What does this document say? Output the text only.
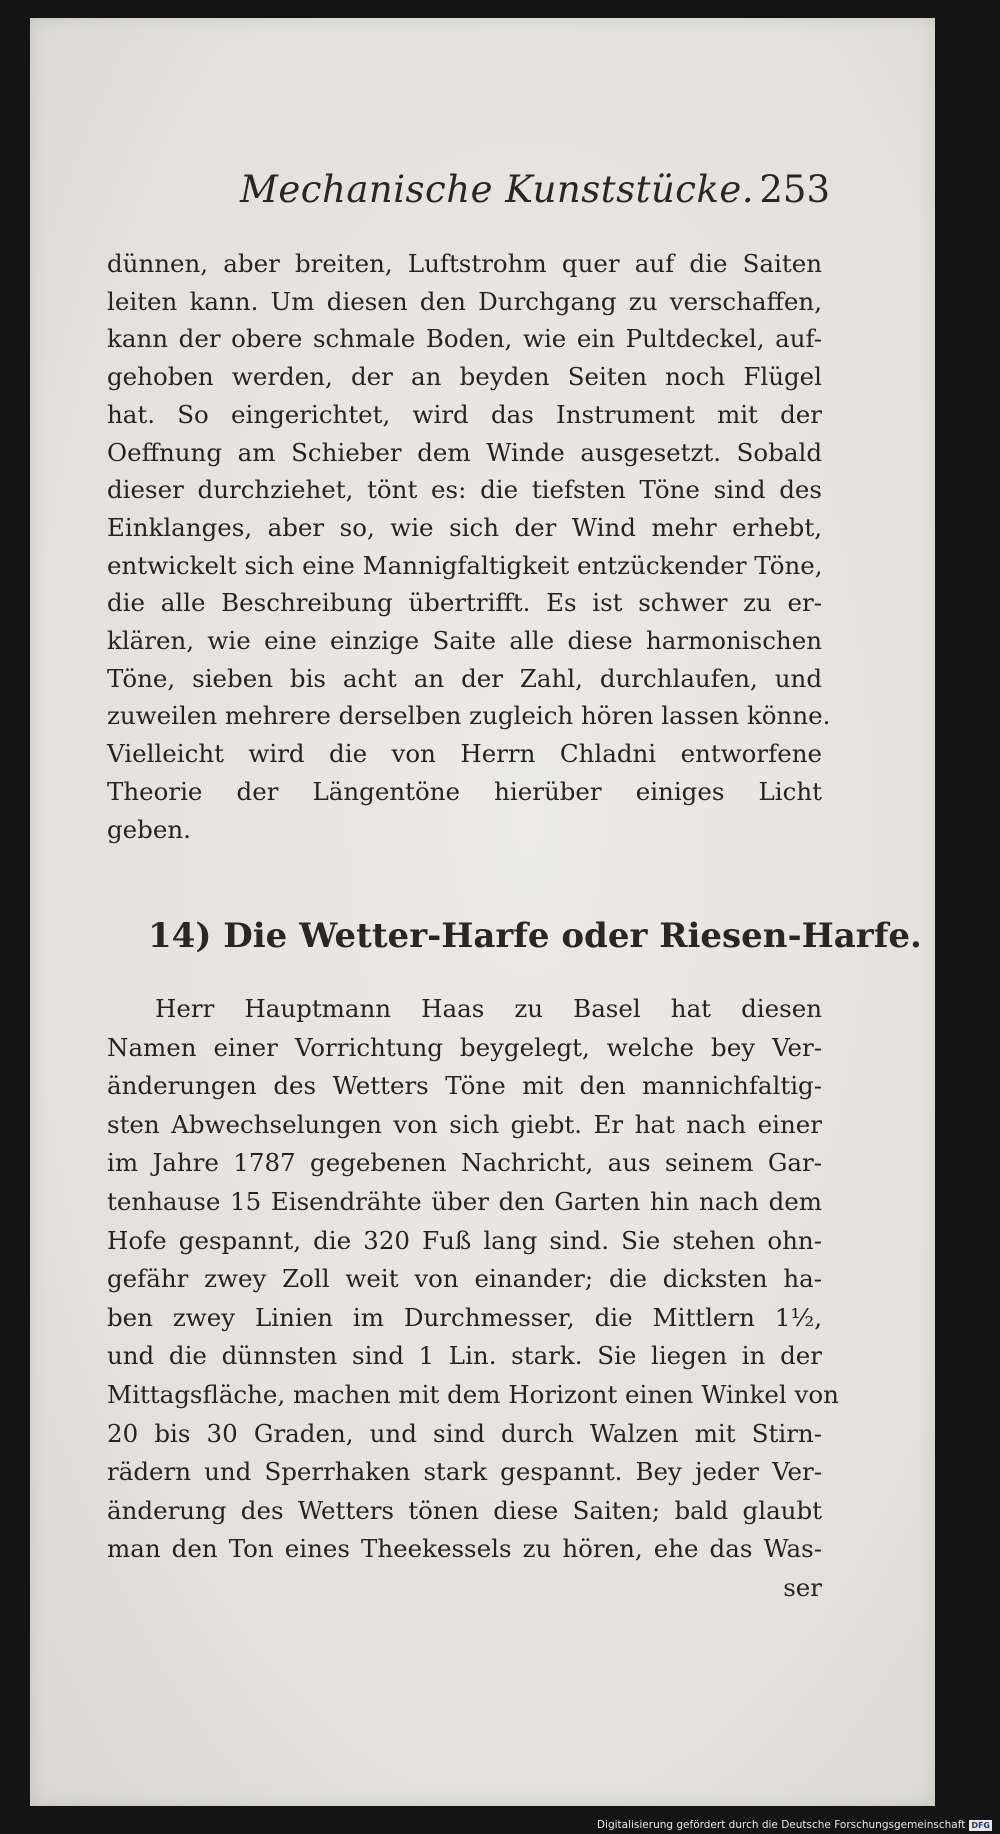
Mechanische Kunststücke. 253
dünnen, aber breiten, Luftstrohm quer auf die Saiten
leiten kann. Um diesen den Durchgang zu verschaffen,
kann der obere schmale Boden, wie ein Pultdeckel, auf-
gehoben werden, der an beyden Seiten noch Flügel
hat. So eingerichtet, wird das Instrument mit der
Oeffnung am Schieber dem Winde ausgesetzt. Sobald
dieser durchziehet, tönt es: die tiefsten Töne sind des
Einklanges, aber so, wie sich der Wind mehr erhebt,
entwickelt sich eine Mannigfaltigkeit entzückender Töne,
die alle Beschreibung übertrifft. Es ist schwer zu er-
klären, wie eine einzige Saite alle diese harmonischen
Töne, sieben bis acht an der Zahl, durchlaufen, und
zuweilen mehrere derselben zugleich hören lassen könne.
Vielleicht wird die von Herrn Chladni entworfene
Theorie der Längentöne hierüber einiges Licht
geben.
14) Die Wetter-Harfe oder Riesen-Harfe.
Herr Hauptmann Haas zu Basel hat diesen
Namen einer Vorrichtung beygelegt, welche bey Ver-
änderungen des Wetters Töne mit den mannichfaltig-
sten Abwechselungen von sich giebt. Er hat nach einer
im Jahre 1787 gegebenen Nachricht, aus seinem Gar-
tenhause 15 Eisendrähte über den Garten hin nach dem
Hofe gespannt, die 320 Fuß lang sind. Sie stehen ohn-
gefähr zwey Zoll weit von einander; die dicksten ha-
ben zwey Linien im Durchmesser, die Mittlern 1½,
und die dünnsten sind 1 Lin. stark. Sie liegen in der
Mittagsfläche, machen mit dem Horizont einen Winkel von
20 bis 30 Graden, und sind durch Walzen mit Stirn-
rädern und Sperrhaken stark gespannt. Bey jeder Ver-
änderung des Wetters tönen diese Saiten; bald glaubt
man den Ton eines Theekessels zu hören, ehe das Was-
ser
Digitalisierung gefördert durch die Deutsche Forschungsgemeinschaft DFG
